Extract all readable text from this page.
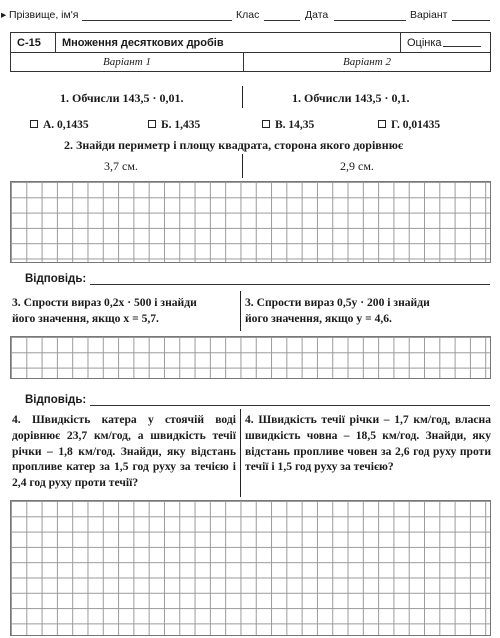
▸ Прізвище, ім'я	Клас	Дата	Варіант
С-15	Множення десяткових дробів	Оцінка
Варіант 1	Варіант 2
1. Обчисли 143,5 · 0,01.	1. Обчисли 143,5 · 0,1.
А. 0,1435	Б. 1,435	В. 14,35	Г. 0,01435
2. Знайди периметр і площу квадрата, сторона якого дорівнює
3,7 см.	2,9 см.
Відповідь:
3. Спрости вираз 0,2x · 500 і знайди
його значення, якщо x = 5,7.
3. Спрости вираз 0,5y · 200 і знайди
його значення, якщо y = 4,6.
Відповідь:
4. Швидкість катера у стоячій воді дорівнює 23,7 км/год, а швидкість течії річки – 1,8 км/год. Знайди, яку відстань пропливе катер за 1,5 год руху за течією і 2,4 год руху проти течії?
4. Швидкість течії річки – 1,7 км/год, власна швидкість човна – 18,5 км/год. Знайди, яку відстань пропливе човен за 2,6 год руху проти течії і 1,5 год руху за течією?
